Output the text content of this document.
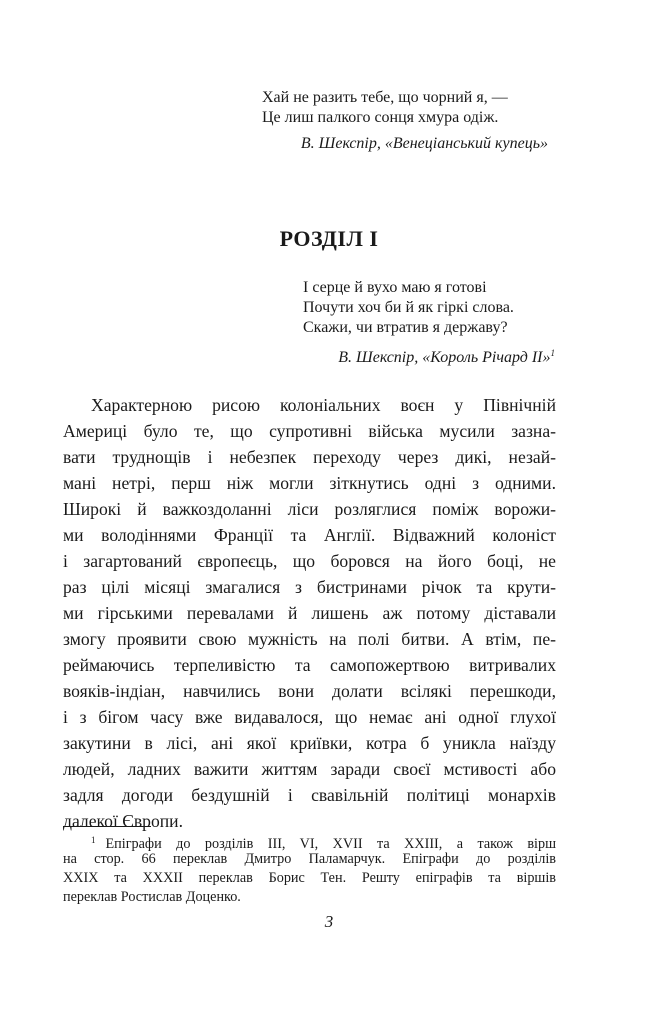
Хай не разить тебе, що чорний я, —
Це лиш палкого сонця хмура одіж.
В. Шекспір, «Венеціанський купець»
РОЗДІЛ І
І серце й вухо маю я готові
Почути хоч би й як гіркі слова.
Скажи, чи втратив я державу?
В. Шекспір, «Король Річард ІІ»$^1$
Характерною рисою колоніальних воєн у Північній
Америці було те, що супротивні війська мусили зазна-
вати труднощів і небезпек переходу через дикі, незай-
мані нетрі, перш ніж могли зіткнутись одні з одними.
Широкі й важкоздоланні ліси розляглися поміж ворожи-
ми володіннями Франції та Англії. Відважний колоніст
і загартований європеєць, що боровся на його боці, не
раз цілі місяці змагалися з бистринами річок та крути-
ми гірськими перевалами й лишень аж потому діставали
змогу проявити свою мужність на полі битви. А втім, пе-
реймаючись терпеливістю та самопожертвою витривалих
вояків-індіан, навчились вони долати всілякі перешкоди,
і з бігом часу вже видавалося, що немає ані одної глухої
закутини в лісі, ані якої криївки, котра б уникла наїзду
людей, ладних важити життям заради своєї мстивості або
задля догоди бездушній і свавільній політиці монархів
далекої Європи.
$^1$ Епіграфи до розділів III, VI, XVII та XXIII, а також вірш
на стор. 66 переклав Дмитро Паламарчук. Епіграфи до розділів
XXIX та XXXII переклав Борис Тен. Решту епіграфів та віршів
переклав Ростислав Доценко.
3
